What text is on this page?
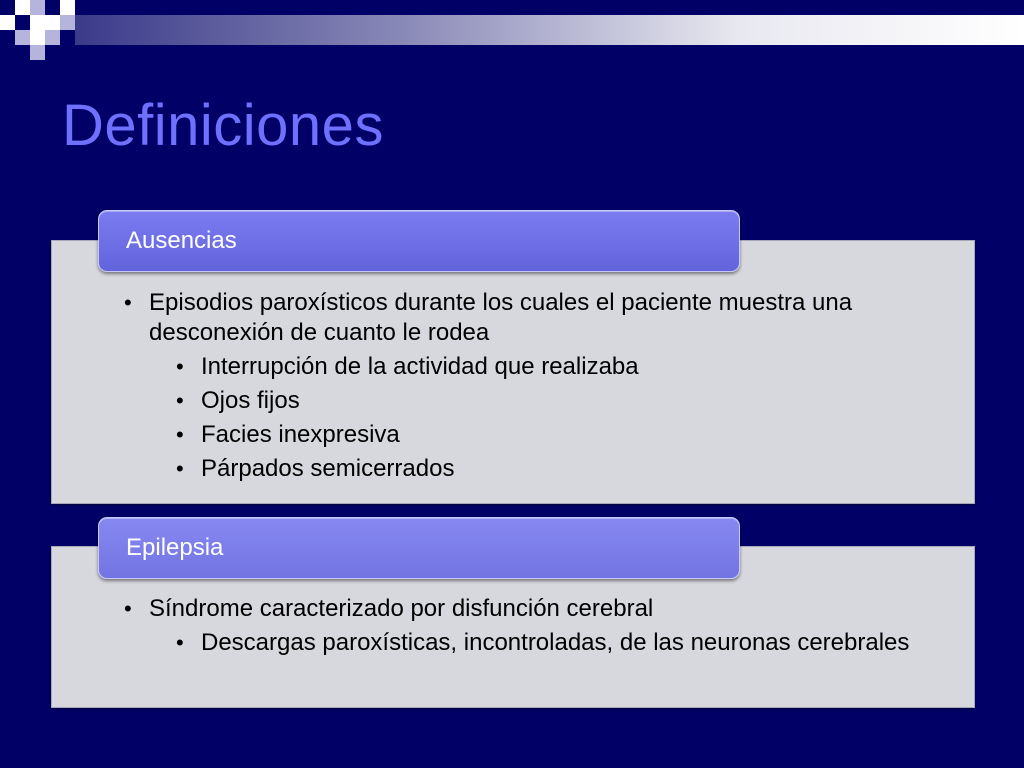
Definiciones
Ausencias
• Episodios paroxísticos durante los cuales el paciente muestra una desconexión de cuanto le rodea
• Interrupción de la actividad que realizaba
• Ojos fijos
• Facies inexpresiva
• Párpados semicerrados
Epilepsia
• Síndrome caracterizado por disfunción cerebral
• Descargas paroxísticas, incontroladas, de las neuronas cerebrales
